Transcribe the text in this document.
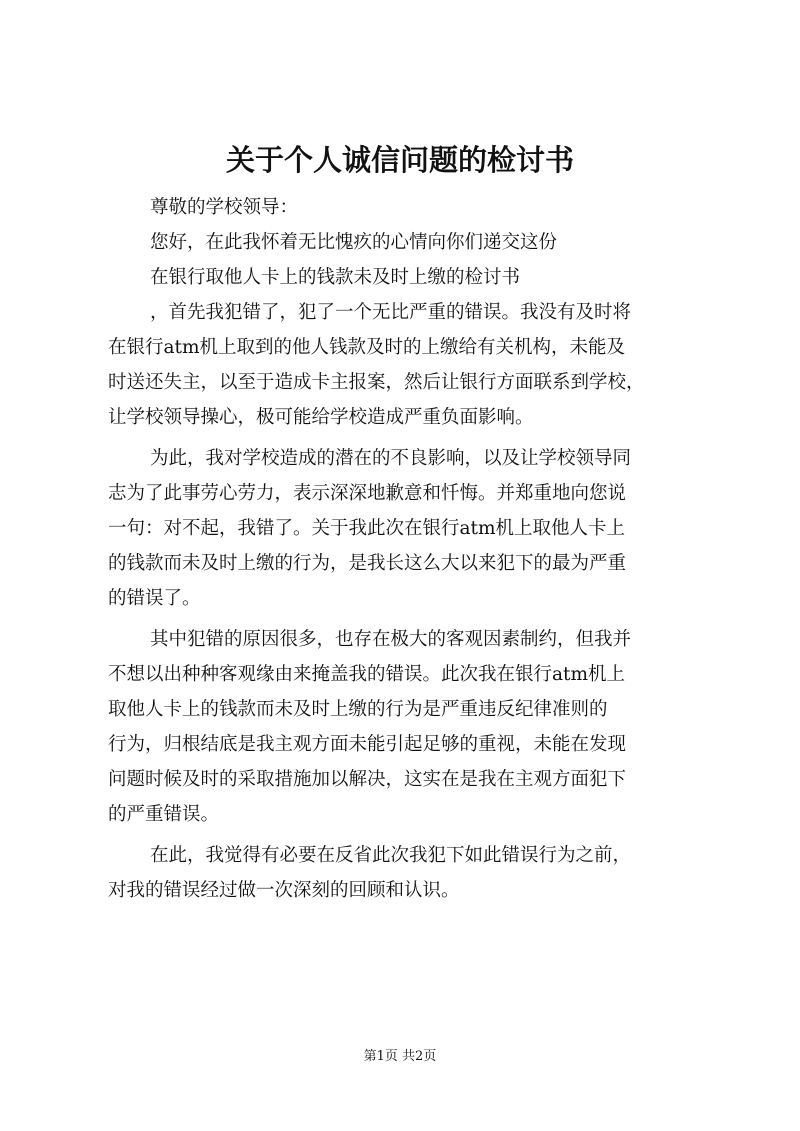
关于个人诚信问题的检讨书
尊敬的学校领导：
您好，在此我怀着无比愧疚的心情向你们递交这份
在银行取他人卡上的钱款未及时上缴的检讨书
，首先我犯错了，犯了一个无比严重的错误。我没有及时将
在银行atm机上取到的他人钱款及时的上缴给有关机构，未能及
时送还失主，以至于造成卡主报案，然后让银行方面联系到学校，
让学校领导操心，极可能给学校造成严重负面影响。
为此，我对学校造成的潜在的不良影响，以及让学校领导同
志为了此事劳心劳力，表示深深地歉意和忏悔。并郑重地向您说
一句：对不起，我错了。关于我此次在银行atm机上取他人卡上
的钱款而未及时上缴的行为，是我长这么大以来犯下的最为严重
的错误了。
其中犯错的原因很多，也存在极大的客观因素制约，但我并
不想以出种种客观缘由来掩盖我的错误。此次我在银行atm机上
取他人卡上的钱款而未及时上缴的行为是严重违反纪律准则的
行为，归根结底是我主观方面未能引起足够的重视，未能在发现
问题时候及时的采取措施加以解决，这实在是我在主观方面犯下
的严重错误。
在此，我觉得有必要在反省此次我犯下如此错误行为之前，
对我的错误经过做一次深刻的回顾和认识。
第1页 共2页
